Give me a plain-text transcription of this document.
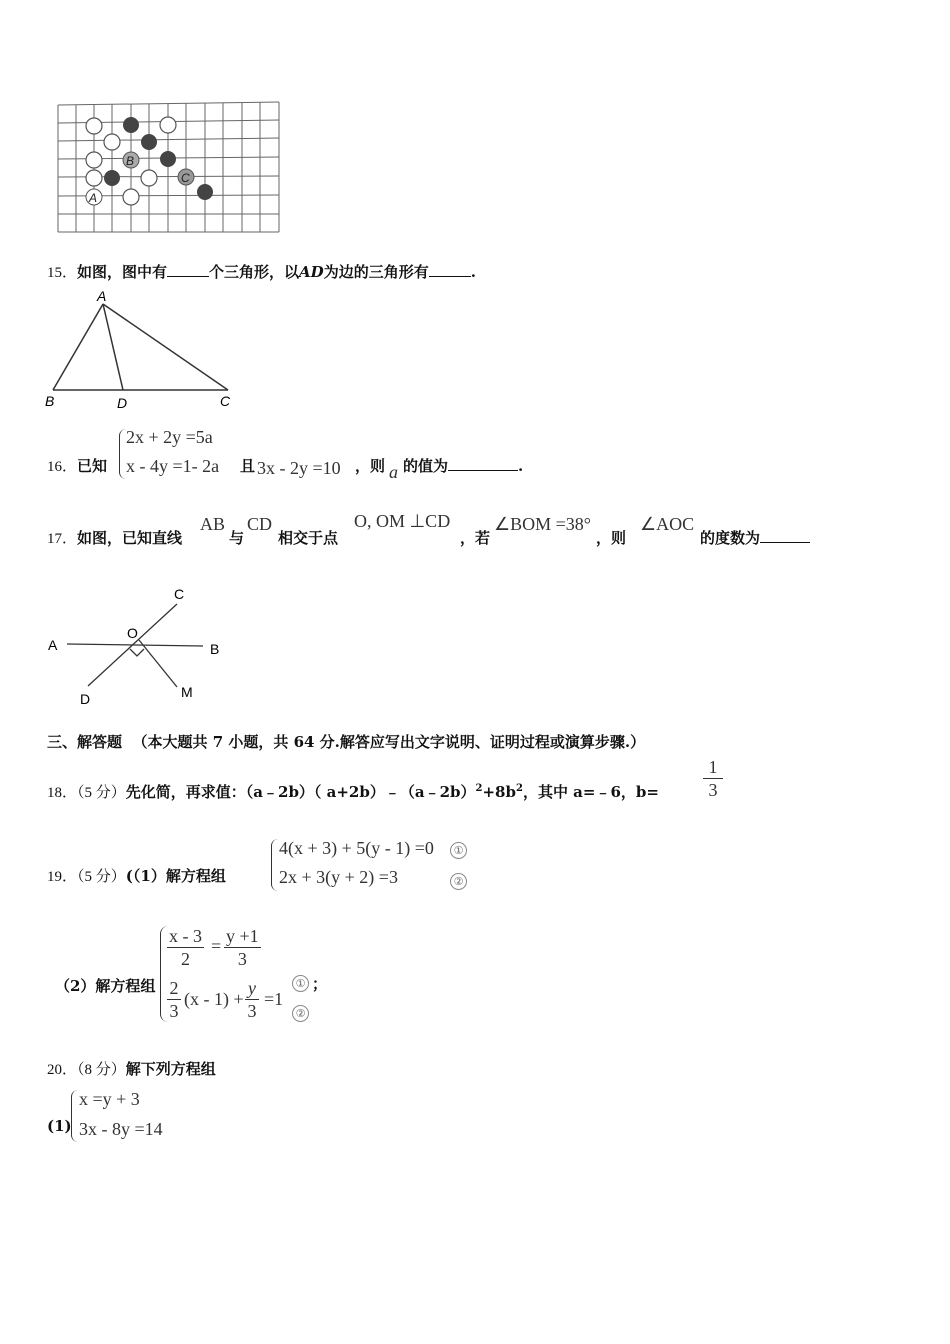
B
C
A
15．如图，图中有	个三角形，以AD为边的三角形有	.
A
B	D	C
16．已知
2x + 2y =5a
x - 4y =1- 2a 且 3x - 2y =10 ，则 a 的值为	.
17．如图，已知直线
AB
与
CD
相交于点
O, OM ⊥CD
，若
∠BOM =38°
，则
∠AOC
的度数为
C
A
O
B
D	M
三、解答题 （本大题共 7 小题，共 64 分.解答应写出文字说明、证明过程或演算步骤.）
18．（5 分）先化简，再求值：（a﹣2b）（ $a+2b)﹣(a﹣2b)^2+8b^2$，其中 a=﹣6，$b= \frac{1}{3}$
19．（5 分）(（1）解方程组
4(x + 3) + 5(y - 1) =0
2x + 3(y + 2) =3
①
②
（2）解方程组
$\frac{x - 3}{2} = \frac{y +1}{3}$
$\frac{2}{3} (x - 1) + \frac{y}{3} =1$
①
②
；
20．（8 分）解下列方程组
(1)
x =y + 3
3x - 8y =14
